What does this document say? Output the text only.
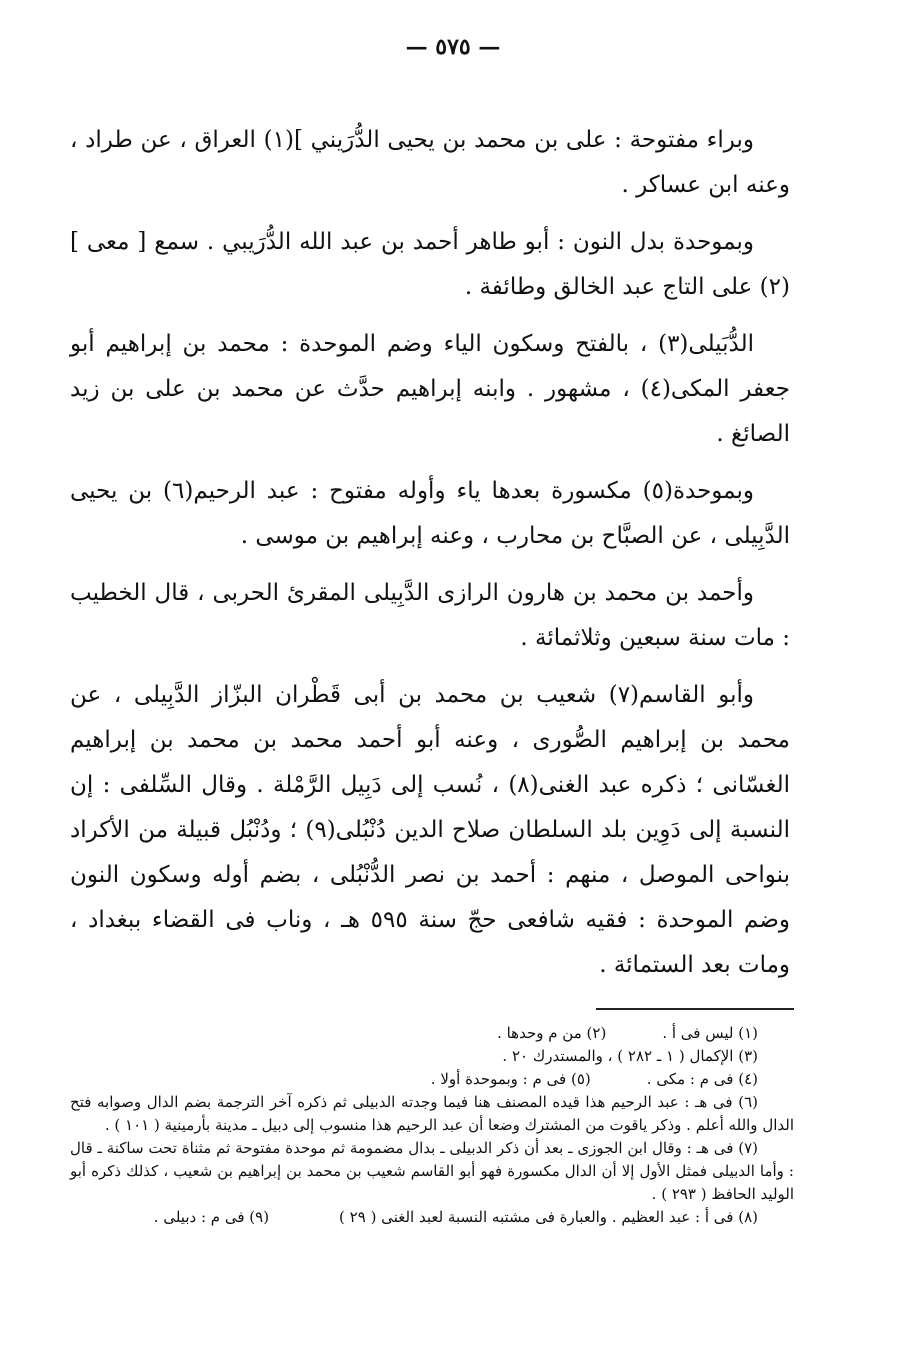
— ٥٧٥ —

وبراء مفتوحة : على بن محمد بن يحيى الدُّرَيني ](١) العراق ، عن طراد ، وعنه ابن عساكر .

وبموحدة بدل النون : أبو طاهر أحمد بن عبد الله الدُّرَيبي . سمع [ معى ](٢) على التاج عبد الخالق وطائفة .

الدُّبَيلى(٣) ، بالفتح وسكون الياء وضم الموحدة : محمد بن إبراهيم أبو جعفر المكى(٤) ، مشهور . وابنه إبراهيم حدَّث عن محمد بن على بن زيد الصائغ .

وبموحدة(٥) مكسورة بعدها ياء وأوله مفتوح : عبد الرحيم(٦) بن يحيى الدَّبِيلى ، عن الصبَّاح بن محارب ، وعنه إبراهيم بن موسى .

وأحمد بن محمد بن هارون الرازى الدَّبِيلى المقرئ الحربى ، قال الخطيب : مات سنة سبعين وثلاثمائة .

وأبو القاسم(٧) شعيب بن محمد بن أبى قَطْران البزّاز الدَّبِيلى ، عن محمد بن إبراهيم الصُّورى ، وعنه أبو أحمد محمد بن محمد بن إبراهيم الغسّانى ؛ ذكره عبد الغنى(٨) ، نُسب إلى دَبِيل الرَّمْلة . وقال السِّلفى : إن النسبة إلى دَوِين بلد السلطان صلاح الدين دُنْبُلى(٩) ؛ ودُنْبُل قبيلة من الأكراد بنواحى الموصل ، منهم : أحمد بن نصر الدُّنْبُلى ، بضم أوله وسكون النون وضم الموحدة : فقيه شافعى حجّ سنة ٥٩٥ هـ ، وناب فى القضاء ببغداد ، ومات بعد الستمائة .

(١) ليس فى أ .
(٢) من م وحدها .
(٣) الإكمال ( ١ ـ ٢٨٢ ) ، والمستدرك ٢٠ .
(٤) فى م : مكى .
(٥) فى م : وبموحدة أولا .

(٦) فى هـ : عبد الرحيم هذا قيده المصنف هنا فيما وجدته الدبيلى ثم ذكره آخر الترجمة بضم الدال وصوابه فتح الدال والله أعلم . وذكر ياقوت من المشترك وضعا أن عبد الرحيم هذا منسوب إلى دبيل ـ مدينة بأرمينية ( ١٠١ ) .

(٧) فى هـ : وقال ابن الجوزى ـ بعد أن ذكر الدبيلى ـ بدال مضمومة ثم موحدة مفتوحة ثم مثناة تحت ساكنة ـ قال : وأما الدبيلى فمثل الأول إلا أن الدال مكسورة فهو أبو القاسم شعيب بن محمد بن إبراهيم بن شعيب ، كذلك ذكره أبو الوليد الحافظ ( ٢٩٣ ) .

(٨) فى أ : عبد العظيم . والعبارة فى مشتبه النسبة لعبد الغنى ( ٢٩ )
(٩) فى م : دبيلى .
